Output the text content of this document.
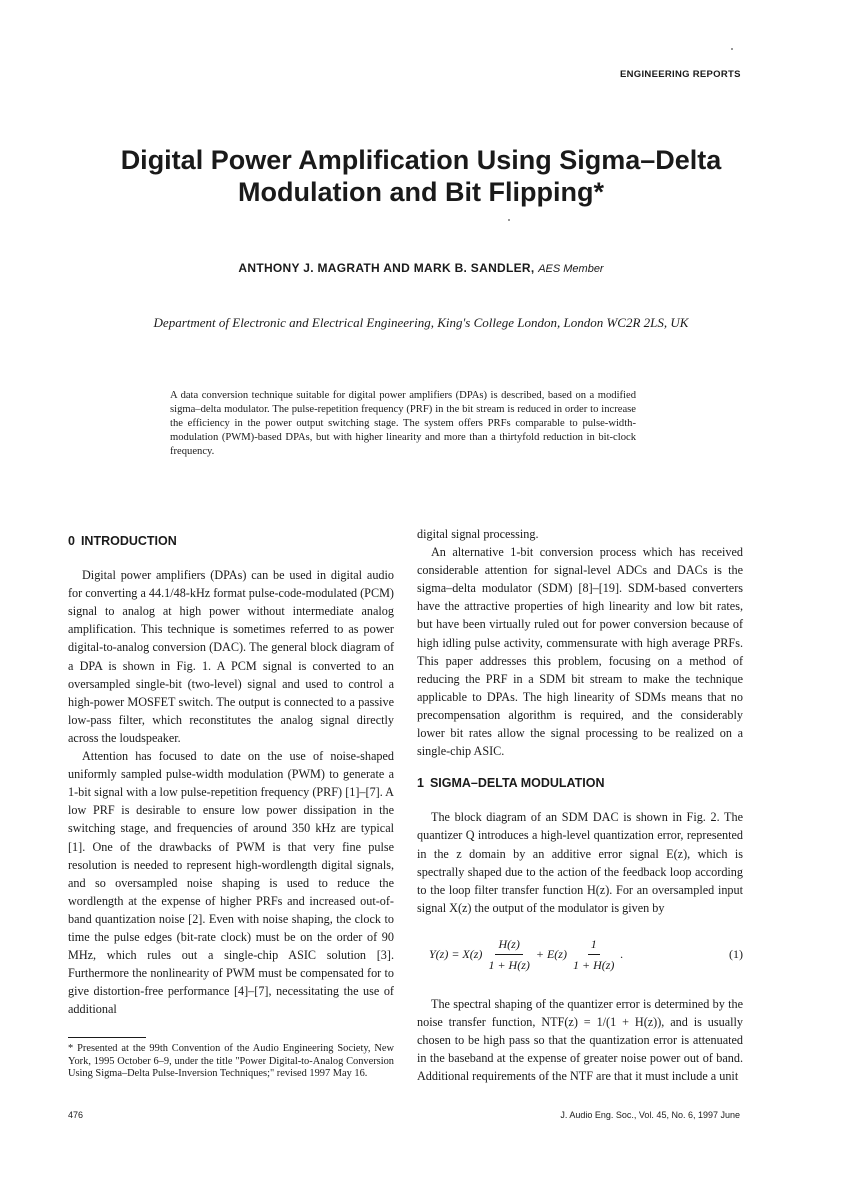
ENGINEERING REPORTS
Digital Power Amplification Using Sigma–Delta
Modulation and Bit Flipping*
ANTHONY J. MAGRATH AND MARK B. SANDLER, AES Member
Department of Electronic and Electrical Engineering, King's College London, London WC2R 2LS, UK

A data conversion technique suitable for digital power amplifiers (DPAs) is described, based on a modified sigma–delta modulator. The pulse-repetition frequency (PRF) in the bit stream is reduced in order to increase the efficiency in the power output switching stage. The system offers PRFs comparable to pulse-width-modulation (PWM)-based DPAs, but with higher linearity and more than a thirtyfold reduction in bit-clock frequency.

0 INTRODUCTION

Digital power amplifiers (DPAs) can be used in digital audio for converting a 44.1/48-kHz format pulse-code-modulated (PCM) signal to analog at high power without intermediate analog amplification. This technique is sometimes referred to as power digital-to-analog conversion (DAC). The general block diagram of a DPA is shown in Fig. 1. A PCM signal is converted to an oversampled single-bit (two-level) signal and used to control a high-power MOSFET switch. The output is connected to a passive low-pass filter, which reconstitutes the analog signal directly across the loudspeaker.

Attention has focused to date on the use of noise-shaped uniformly sampled pulse-width modulation (PWM) to generate a 1-bit signal with a low pulse-repetition frequency (PRF) [1]–[7]. A low PRF is desirable to ensure low power dissipation in the switching stage, and frequencies of around 350 kHz are typical [1]. One of the drawbacks of PWM is that very fine pulse resolution is needed to represent high-wordlength digital signals, and so oversampled noise shaping is used to reduce the wordlength at the expense of higher PRFs and increased out-of-band quantization noise [2]. Even with noise shaping, the clock to time the pulse edges (bit-rate clock) must be on the order of 90 MHz, which rules out a single-chip ASIC solution [3]. Furthermore the nonlinearity of PWM must be compensated for to give distortion-free performance [4]–[7], necessitating the use of additional

digital signal processing.

An alternative 1-bit conversion process which has received considerable attention for signal-level ADCs and DACs is the sigma–delta modulator (SDM) [8]–[19]. SDM-based converters have the attractive properties of high linearity and low bit rates, but have been virtually ruled out for power conversion because of high idling pulse activity, commensurate with high average PRFs. This paper addresses this problem, focusing on a method of reducing the PRF in a SDM bit stream to make the technique applicable to DPAs. The high linearity of SDMs means that no precompensation algorithm is required, and the considerably lower bit rates allow the signal processing to be realized on a single-chip ASIC.

1 SIGMA–DELTA MODULATION

The block diagram of an SDM DAC is shown in Fig. 2. The quantizer Q introduces a high-level quantization error, represented in the z domain by an additive error signal E(z), which is spectrally shaped due to the action of the feedback loop according to the loop filter transfer function H(z). For an oversampled input signal X(z) the output of the modulator is given by

$Y(z) = X(z) \frac{H(z)}{1 + H(z)} + E(z) \frac{1}{1 + H(z)}$ .	(1)

The spectral shaping of the quantizer error is determined by the noise transfer function, NTF(z) = 1/(1 + H(z)), and is usually chosen to be high pass so that the quantization error is attenuated in the baseband at the expense of greater noise power out of band. Additional requirements of the NTF are that it must include a unit

* Presented at the 99th Convention of the Audio Engineering Society, New York, 1995 October 6–9, under the title "Power Digital-to-Analog Conversion Using Sigma–Delta Pulse-Inversion Techniques;" revised 1997 May 16.
476	J. Audio Eng. Soc., Vol. 45, No. 6, 1997 June
